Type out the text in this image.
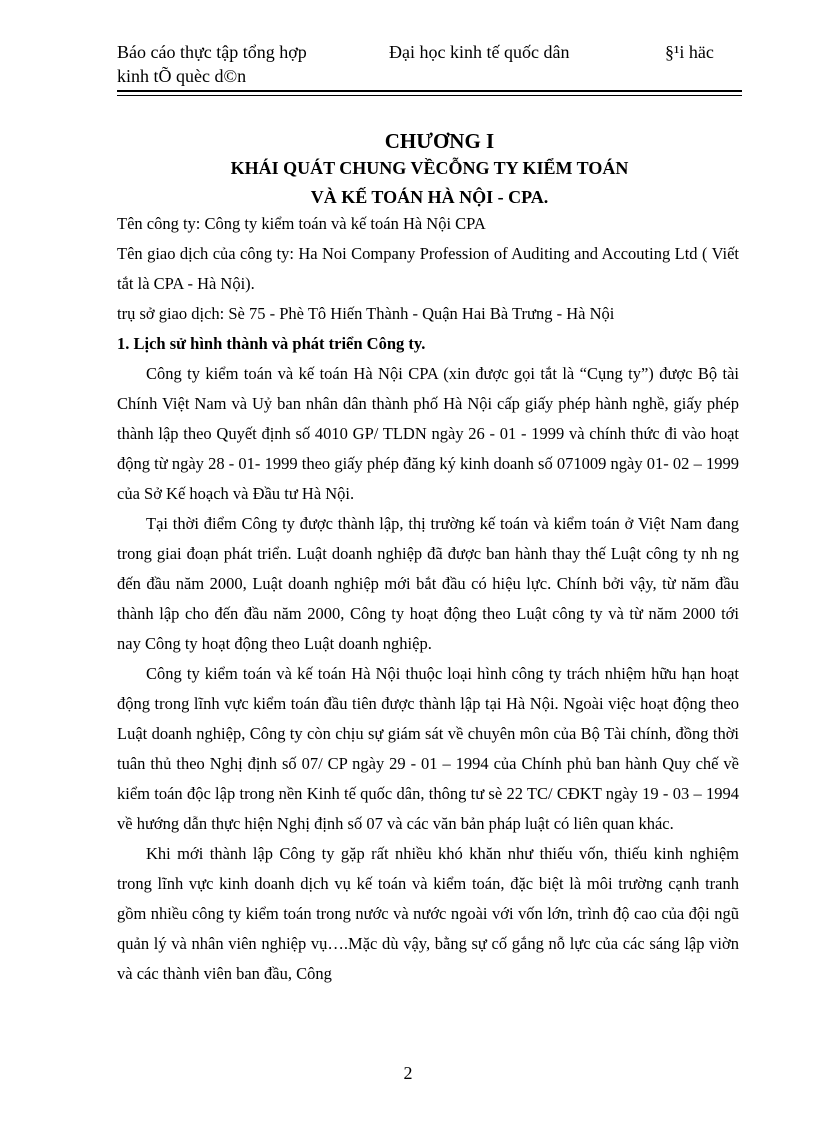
Báo cáo thực tập tổng hợp
kinh tÕ quèc d©n
Đại học kinh tế quốc dân	§¹i häc
CHƯƠNG I
KHÁI QUÁT CHUNG VỀCỖNG TY KIỂM TOÁN
VÀ KẾ TOÁN HÀ NỘI - CPA.

Tên công ty: Công ty kiểm toán và kế toán Hà Nội CPA

Tên giao dịch của công ty: Ha Noi Company Profession of Auditing and Accouting Ltd ( Viết tắt là CPA - Hà Nội).

trụ sở giao dịch: Sè 75 - Phè Tô Hiến Thành - Quận Hai Bà Trưng - Hà Nội

1. Lịch sử hình thành và phát triển Công ty.

Công ty kiểm toán và kế toán Hà Nội CPA (xin được gọi tắt là “Cụng ty”) được Bộ tài Chính Việt Nam và Uỷ ban nhân dân thành phố Hà Nội cấp giấy phép hành nghề, giấy phép thành lập theo Quyết định số 4010 GP/ TLDN ngày 26 - 01 - 1999 và chính thức đi vào hoạt động từ ngày 28 - 01- 1999 theo giấy phép đăng ký kinh doanh số 071009 ngày 01- 02 – 1999 của Sở Kế hoạch và Đầu tư Hà Nội.

Tại thời điểm Công ty được thành lập, thị trường kế toán và kiểm toán ở Việt Nam đang trong giai đoạn phát triển. Luật doanh nghiệp đã được ban hành thay thế Luật công ty nh ng đến đầu năm 2000, Luật doanh nghiệp mới bắt đầu có hiệu lực. Chính bởi vậy, từ năm đầu thành lập cho đến đầu năm 2000, Công ty hoạt động theo Luật công ty và từ năm 2000 tới nay Công ty hoạt động theo Luật doanh nghiệp.

Công ty kiểm toán và kế toán Hà Nội thuộc loại hình công ty trách nhiệm hữu hạn hoạt động trong lĩnh vực kiểm toán đầu tiên được thành lập tại Hà Nội. Ngoài việc hoạt động theo Luật doanh nghiệp, Công ty còn chịu sự giám sát về chuyên môn của Bộ Tài chính, đồng thời tuân thủ theo Nghị định số 07/ CP ngày 29 - 01 – 1994 của Chính phủ ban hành Quy chế về kiểm toán độc lập trong nền Kinh tế quốc dân, thông tư sè 22 TC/ CĐKT ngày 19 - 03 – 1994 về hướng dẫn thực hiện Nghị định số 07 và các văn bản pháp luật có liên quan khác.

Khi mới thành lập Công ty gặp rất nhiều khó khăn như thiếu vốn, thiếu kinh nghiệm trong lĩnh vực kinh doanh dịch vụ kế toán và kiểm toán, đặc biệt là môi trường cạnh tranh gồm nhiều công ty kiểm toán trong nước và nước ngoài với vốn lớn, trình độ cao của đội ngũ quản lý và nhân viên nghiệp vụ….Mặc dù vậy, bằng sự cố gắng nỗ lực của các sáng lập viờn và các thành viên ban đầu, Công

2
